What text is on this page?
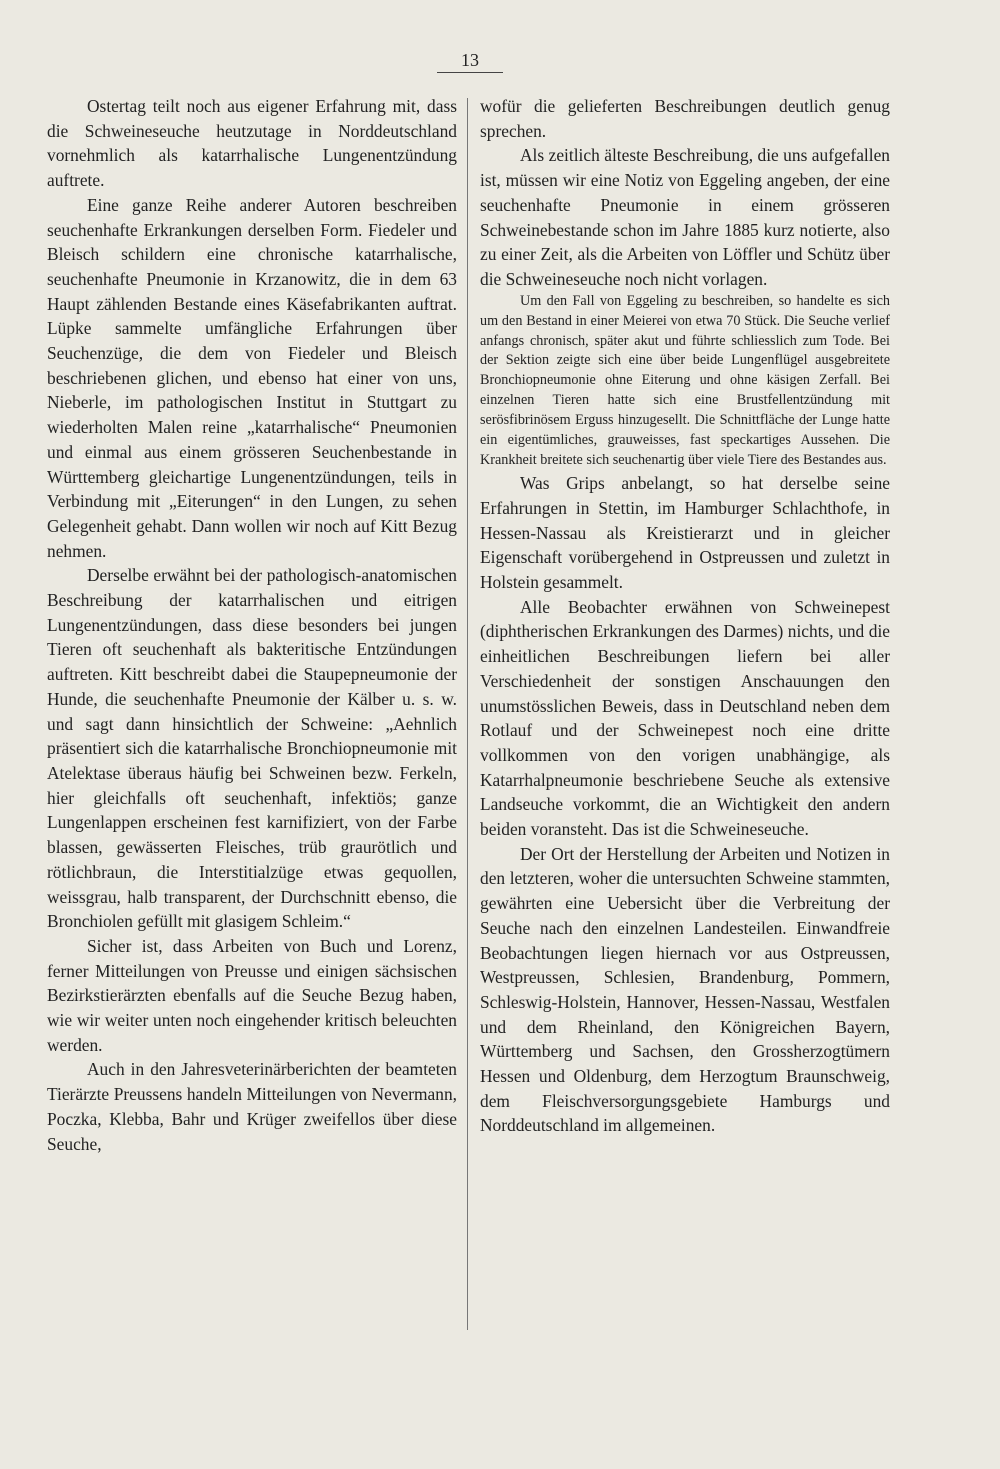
13

Ostertag teilt noch aus eigener Erfahrung mit, dass die Schweineseuche heutzutage in Norddeutschland vornehmlich als katarrhalische Lungenentzündung auftrete.

Eine ganze Reihe anderer Autoren beschreiben seuchenhafte Erkrankungen derselben Form. Fiedeler und Bleisch schildern eine chronische katarrhalische, seuchenhafte Pneumonie in Krzanowitz, die in dem 63 Haupt zählenden Bestande eines Käsefabrikanten auftrat. Lüpke sammelte umfängliche Erfahrungen über Seuchenzüge, die dem von Fiedeler und Bleisch beschriebenen glichen, und ebenso hat einer von uns, Nieberle, im pathologischen Institut in Stuttgart zu wiederholten Malen reine „katarrhalische“ Pneumonien und einmal aus einem grösseren Seuchenbestande in Württemberg gleichartige Lungenentzündungen, teils in Verbindung mit „Eiterungen“ in den Lungen, zu sehen Gelegenheit gehabt. Dann wollen wir noch auf Kitt Bezug nehmen.

Derselbe erwähnt bei der pathologisch-anatomischen Beschreibung der katarrhalischen und eitrigen Lungenentzündungen, dass diese besonders bei jungen Tieren oft seuchenhaft als bakteritische Entzündungen auftreten. Kitt beschreibt dabei die Staupepneumonie der Hunde, die seuchenhafte Pneumonie der Kälber u. s. w. und sagt dann hinsichtlich der Schweine: „Aehnlich präsentiert sich die katarrhalische Bronchiopneumonie mit Atelektase überaus häufig bei Schweinen bezw. Ferkeln, hier gleichfalls oft seuchenhaft, infektiös; ganze Lungenlappen erscheinen fest karnifiziert, von der Farbe blassen, gewässerten Fleisches, trüb graurötlich und rötlichbraun, die Interstitialzüge etwas gequollen, weissgrau, halb transparent, der Durchschnitt ebenso, die Bronchiolen gefüllt mit glasigem Schleim.“

Sicher ist, dass Arbeiten von Buch und Lorenz, ferner Mitteilungen von Preusse und einigen sächsischen Bezirkstierärzten ebenfalls auf die Seuche Bezug haben, wie wir weiter unten noch eingehender kritisch beleuchten werden.

Auch in den Jahresveterinärberichten der beamteten Tierärzte Preussens handeln Mitteilungen von Nevermann, Poczka, Klebba, Bahr und Krüger zweifellos über diese Seuche,

wofür die gelieferten Beschreibungen deutlich genug sprechen.

Als zeitlich älteste Beschreibung, die uns aufgefallen ist, müssen wir eine Notiz von Eggeling angeben, der eine seuchenhafte Pneumonie in einem grösseren Schweinebestande schon im Jahre 1885 kurz notierte, also zu einer Zeit, als die Arbeiten von Löffler und Schütz über die Schweineseuche noch nicht vorlagen.

Um den Fall von Eggeling zu beschreiben, so handelte es sich um den Bestand in einer Meierei von etwa 70 Stück. Die Seuche verlief anfangs chronisch, später akut und führte schliesslich zum Tode. Bei der Sektion zeigte sich eine über beide Lungenflügel ausgebreitete Bronchiopneumonie ohne Eiterung und ohne käsigen Zerfall. Bei einzelnen Tieren hatte sich eine Brustfellentzündung mit serösfibrinösem Erguss hinzugesellt. Die Schnittfläche der Lunge hatte ein eigentümliches, grauweisses, fast speckartiges Aussehen. Die Krankheit breitete sich seuchenartig über viele Tiere des Bestandes aus.

Was Grips anbelangt, so hat derselbe seine Erfahrungen in Stettin, im Hamburger Schlachthofe, in Hessen-Nassau als Kreistierarzt und in gleicher Eigenschaft vorübergehend in Ostpreussen und zuletzt in Holstein gesammelt.

Alle Beobachter erwähnen von Schweinepest (diphtherischen Erkrankungen des Darmes) nichts, und die einheitlichen Beschreibungen liefern bei aller Verschiedenheit der sonstigen Anschauungen den unumstösslichen Beweis, dass in Deutschland neben dem Rotlauf und der Schweinepest noch eine dritte vollkommen von den vorigen unabhängige, als Katarrhalpneumonie beschriebene Seuche als extensive Landseuche vorkommt, die an Wichtigkeit den andern beiden voransteht. Das ist die Schweineseuche.

Der Ort der Herstellung der Arbeiten und Notizen in den letzteren, woher die untersuchten Schweine stammten, gewährten eine Uebersicht über die Verbreitung der Seuche nach den einzelnen Landesteilen. Einwandfreie Beobachtungen liegen hiernach vor aus Ostpreussen, Westpreussen, Schlesien, Brandenburg, Pommern, Schleswig-Holstein, Hannover, Hessen-Nassau, Westfalen und dem Rheinland, den Königreichen Bayern, Württemberg und Sachsen, den Grossherzogtümern Hessen und Oldenburg, dem Herzogtum Braunschweig, dem Fleischversorgungsgebiete Hamburgs und Norddeutschland im allgemeinen.
